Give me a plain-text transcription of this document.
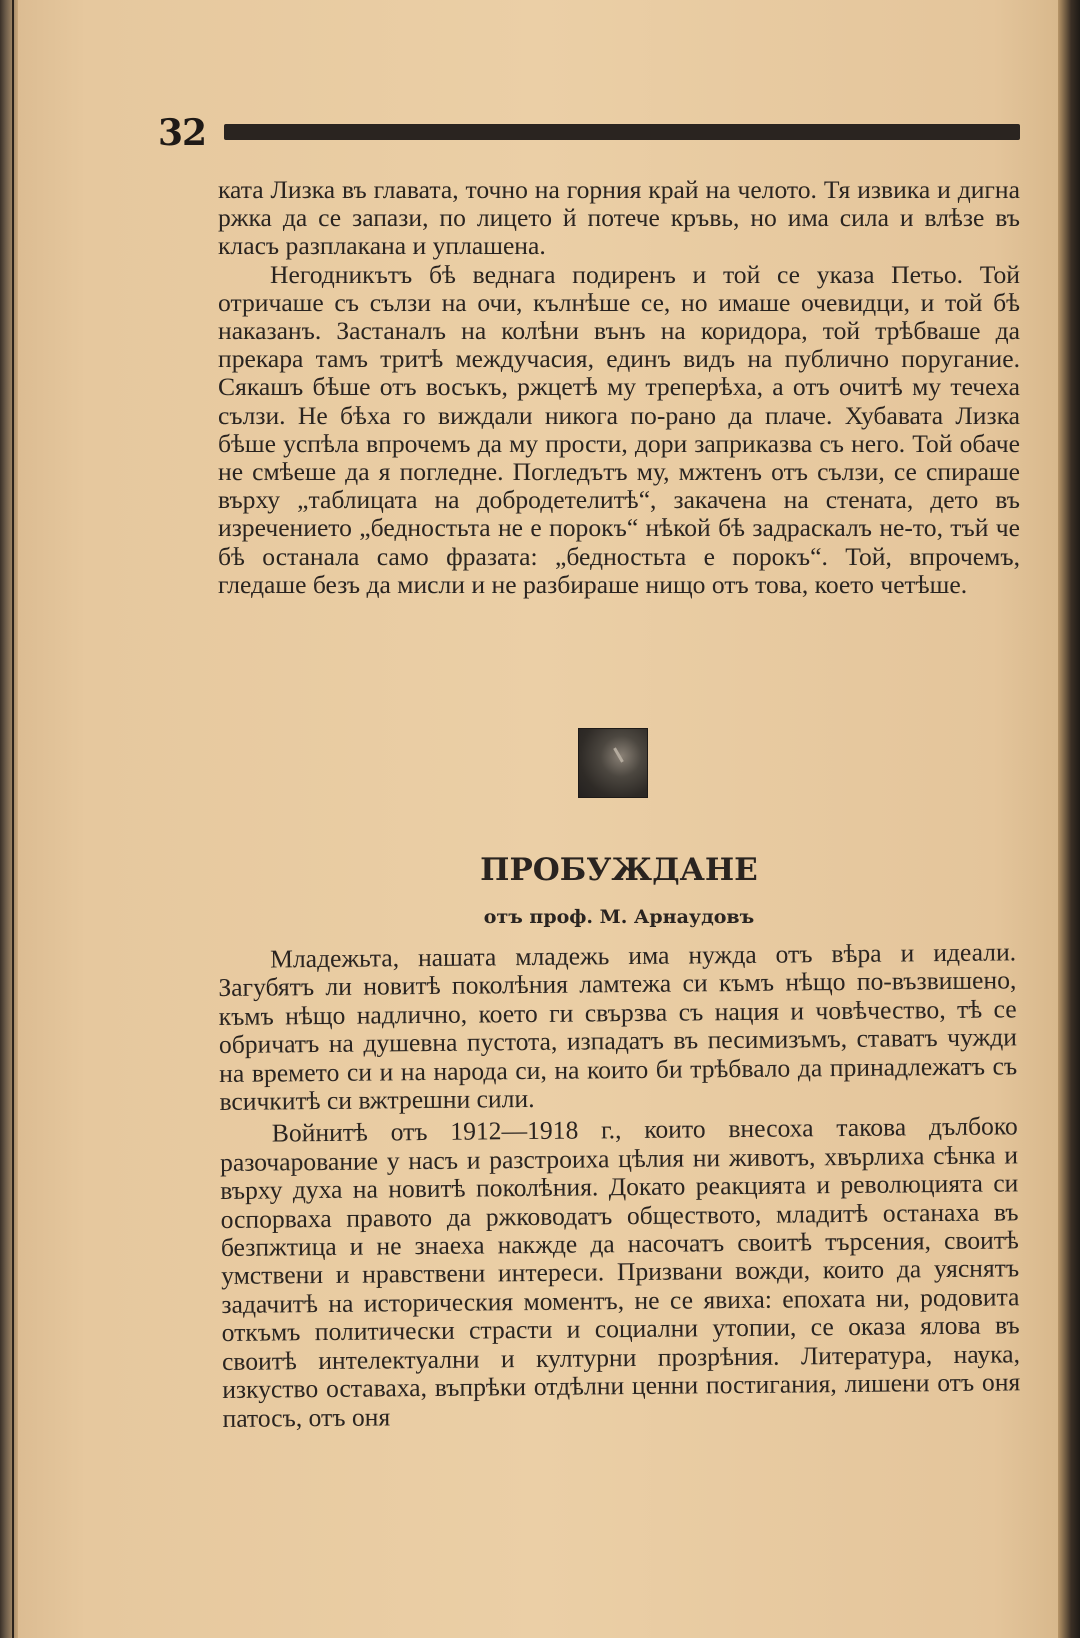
32

ката Лизка въ главата, точно на горния край на челото. Тя извика и дигна ржка да се запази, по лицето й потече кръвь, но има сила и влѣзе въ класъ разплакана и уплашена.

Негодникътъ бѣ веднага подиренъ и той се указа Петьо. Той отричаше съ сълзи на очи, кълнѣше се, но имаше очевидци, и той бѣ наказанъ. Застаналъ на колѣни вънъ на коридора, той трѣбваше да прекара тамъ тритѣ междучасия, единъ видъ на публично поругание. Сякашъ бѣше отъ восъкъ, ржцетѣ му треперѣха, а отъ очитѣ му течеха сълзи. Не бѣха го виждали никога по-рано да плаче. Хубавата Лизка бѣше успѣла впрочемъ да му прости, дори заприказва съ него. Той обаче не смѣеше да я погледне. Погледътъ му, мжтенъ отъ сълзи, се спираше върху „таблицата на добродетелитѣ“, закачена на стената, дето въ изречението „бедностьта не е порокъ“ нѣкой бѣ задраскалъ не-то, тъй че бѣ останала само фразата: „бедностьта е порокъ“. Той, впрочемъ, гледаше безъ да мисли и не разбираше нищо отъ това, което четѣше.

ПРОБУЖДАНЕ
отъ проф. М. Арнаудовъ

Младежьта, нашата младежь има нужда отъ вѣра и идеали. Загубятъ ли новитѣ поколѣния ламтежа си къмъ нѣщо по-възвишено, къмъ нѣщо надлично, което ги свързва съ нация и човѣчество, тѣ се обричатъ на душевна пустота, изпадатъ въ песимизъмъ, ставатъ чужди на времето си и на народа си, на които би трѣбвало да принадлежатъ съ всичкитѣ си вжтрешни сили.

Войнитѣ отъ 1912—1918 г., които внесоха такова дълбоко разочарование у насъ и разстроиха цѣлия ни животъ, хвърлиха сѣнка и върху духа на новитѣ поколѣния. Докато реакцията и революцията си оспорваха правото да ржководатъ обществото, младитѣ останаха въ безпжтица и не знаеха накжде да насочатъ своитѣ търсения, своитѣ умствени и нравствени интереси. Призвани вожди, които да уяснятъ задачитѣ на историческия моментъ, не се явиха: епохата ни, родовита откъмъ политически страсти и социални утопии, се оказа ялова въ своитѣ интелектуални и културни прозрѣния. Литература, наука, изкуство оставаха, въпрѣки отдѣлни ценни постигания, лишени отъ оня патосъ, отъ оня
